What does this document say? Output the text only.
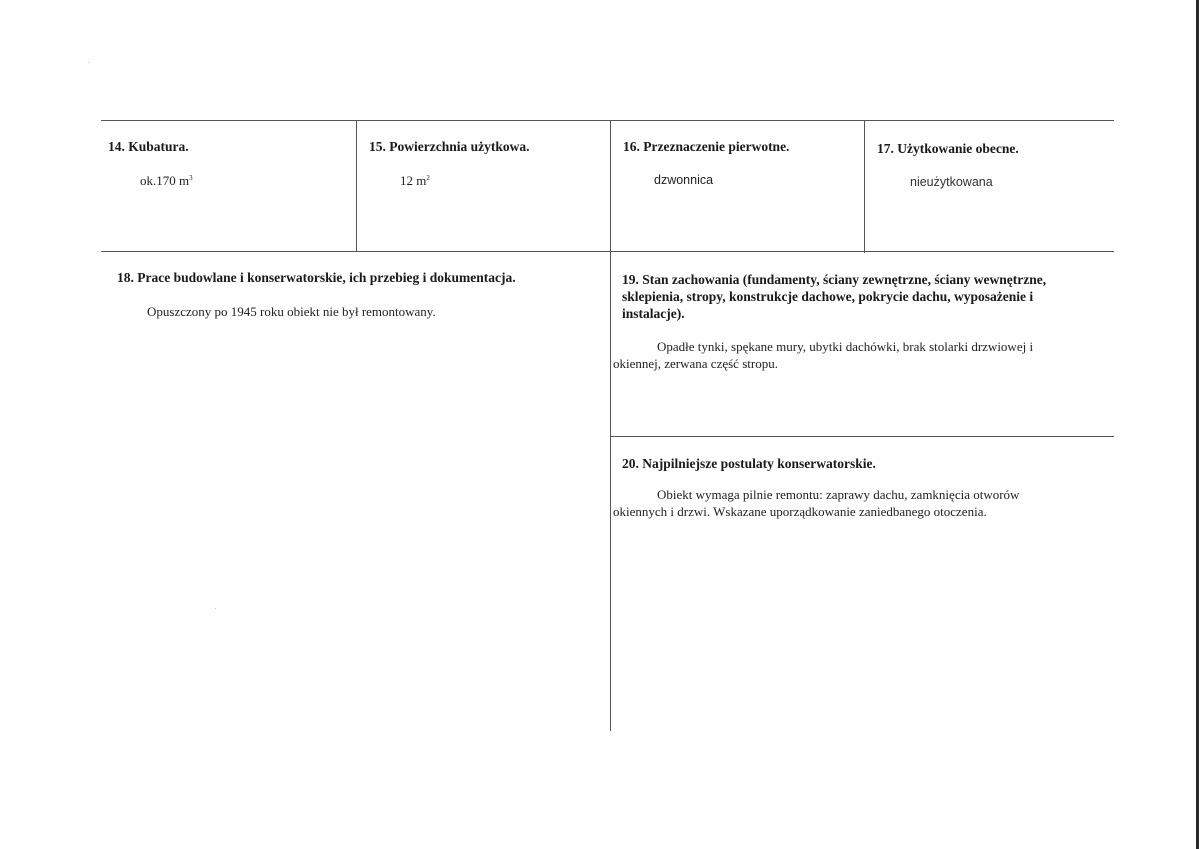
14. Kubatura.
ok.170 $m^3$
15. Powierzchnia użytkowa.
12 $m^2$
16. Przeznaczenie pierwotne.
dzwonnica
17. Użytkowanie obecne.
nieużytkowana
18. Prace budowlane i konserwatorskie, ich przebieg i dokumentacja.
Opuszczony po 1945 roku obiekt nie był remontowany.
19. Stan zachowania (fundamenty, ściany zewnętrzne, ściany wewnętrzne, sklepienia, stropy, konstrukcje dachowe, pokrycie dachu, wyposażenie i instalacje).
Opadłe tynki, spękane mury, ubytki dachówki, brak stolarki drzwiowej i okiennej, zerwana część stropu.
20. Najpilniejsze postulaty konserwatorskie.
Obiekt wymaga pilnie remontu: zaprawy dachu, zamknięcia otworów okiennych i drzwi. Wskazane uporządkowanie zaniedbanego otoczenia.
